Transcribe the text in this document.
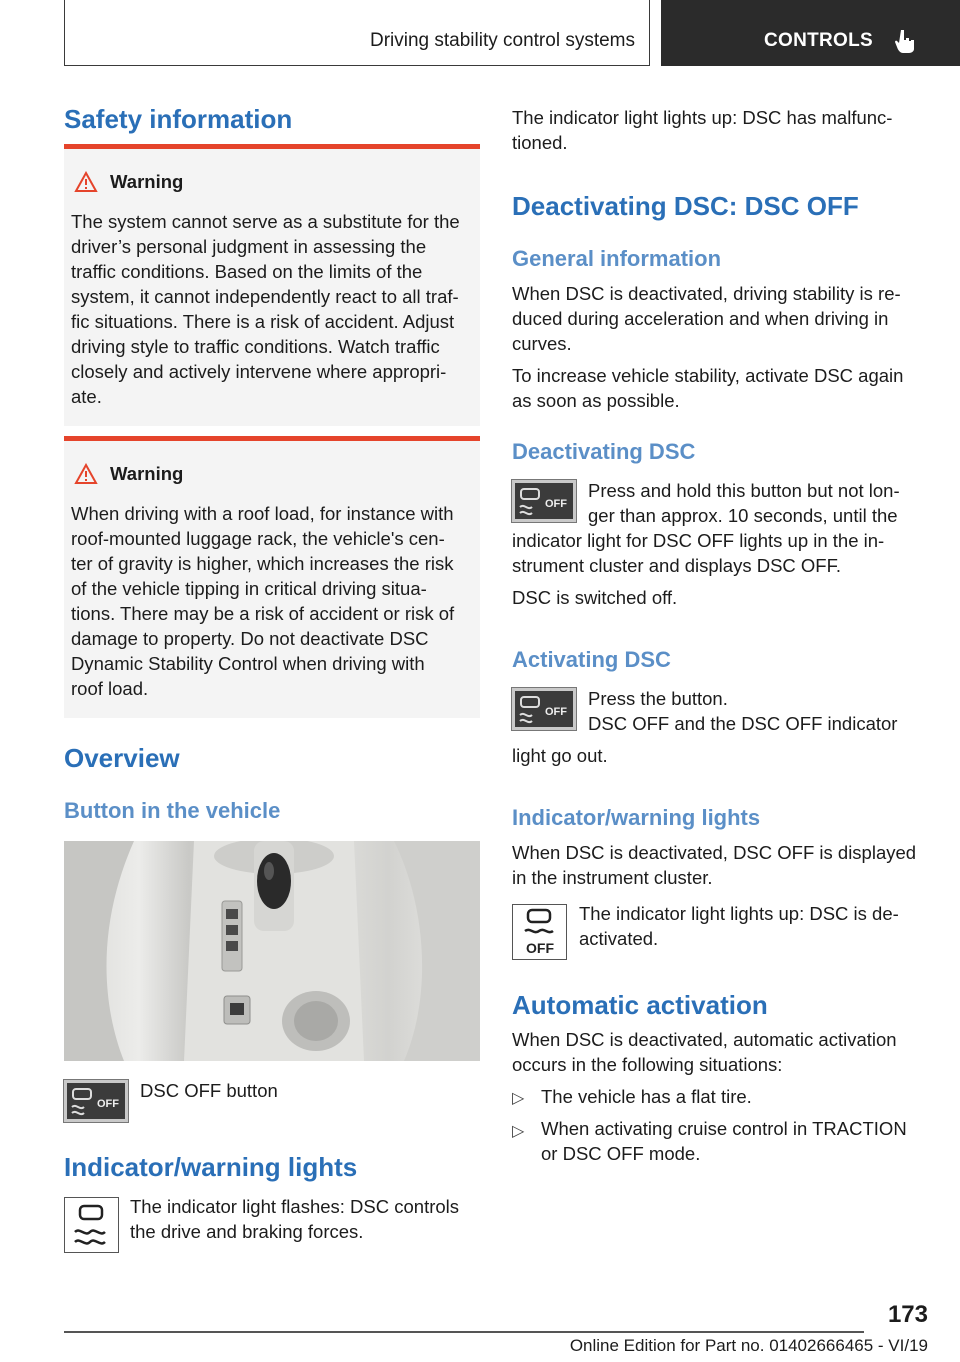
Driving stability control systems	CONTROLS
Safety information
Warning
The system cannot serve as a substitute for the
driver’s personal judgment in assessing the
traffic conditions. Based on the limits of the
system, it cannot independently react to all traf‐
fic situations. There is a risk of accident. Adjust
driving style to traffic conditions. Watch traffic
closely and actively intervene where appropri‐
ate.
Warning
When driving with a roof load, for instance with
roof-mounted luggage rack, the vehicle's cen‐
ter of gravity is higher, which increases the risk
of the vehicle tipping in critical driving situa‐
tions. There may be a risk of accident or risk of
damage to property. Do not deactivate DSC
Dynamic Stability Control when driving with
roof load.
Overview
Button in the vehicle
OFF
DSC OFF button
Indicator/warning lights
The indicator light flashes: DSC controls
the drive and braking forces.
The indicator light lights up: DSC has malfunc‐
tioned.
Deactivating DSC: DSC OFF
General information
When DSC is deactivated, driving stability is re‐
duced during acceleration and when driving in
curves.
To increase vehicle stability, activate DSC again
as soon as possible.
Deactivating DSC
OFF
Press and hold this button but not lon‐
ger than approx. 10 seconds, until the
indicator light for DSC OFF lights up in the in‐
strument cluster and displays DSC OFF.
DSC is switched off.
Activating DSC
OFF
Press the button.
DSC OFF and the DSC OFF indicator
light go out.
Indicator/warning lights
When DSC is deactivated, DSC OFF is displayed
in the instrument cluster.
OFF
The indicator light lights up: DSC is de‐
activated.
Automatic activation
When DSC is deactivated, automatic activation
occurs in the following situations:
▷ The vehicle has a flat tire.
▷ When activating cruise control in TRACTION
or DSC OFF mode.
173
Online Edition for Part no. 01402666465 - VI/19
